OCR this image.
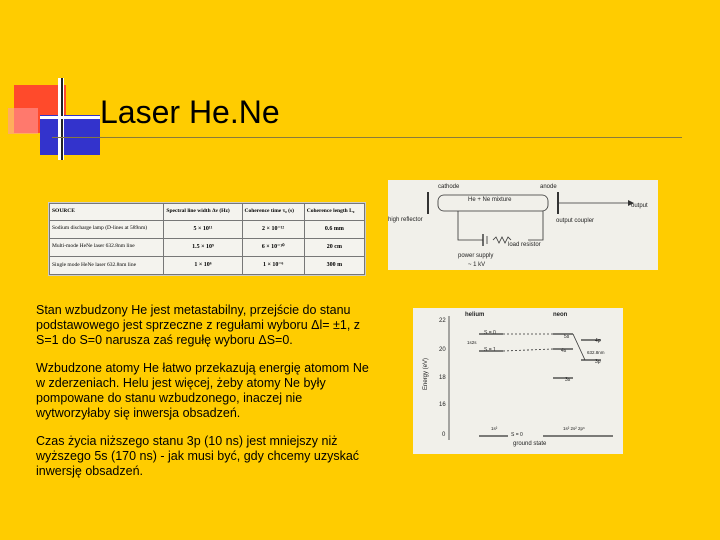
Laser He.Ne
SOURCE	Spectral line width Δν (Hz)	Coherence time τ₀ (s)	Coherence length L₀
Sodium discharge lamp (D-lines at 589nm)	5 × 10¹¹	2 × 10⁻¹²	0.6 mm
Multi-mode HeNe laser 632.8nm line	1.5 × 10⁹	6 × 10⁻¹⁰	20 cm
Single mode HeNe laser 632.8nm line	1 × 10⁶	1 × 10⁻⁶	300 m
cathode	anode
He + Ne mixture
output
high reflector	output coupler
load resistor
power supply
~ 1 kV
helium	neon
Energy (eV)
22
20
18
16
0
S = 0
S = 1
1s2s
1s²
S = 0
5s
4s
4p
3p
3s
632.8nm
1s² 2s² 2p⁶
ground state

Stan wzbudzony He jest metastabilny, przejście do stanu podstawowego jest sprzeczne z regułami wyboru Δl= ±1, z S=1 do S=0 narusza zaś regułę wyboru ΔS=0.

Wzbudzone atomy He łatwo przekazują energię atomom Ne w zderzeniach. Helu jest więcej, żeby atomy Ne były pompowane do stanu wzbudzonego, inaczej nie wytworzyłaby się inwersja obsadzeń.

Czas życia niższego stanu 3p (10 ns) jest mniejszy niż wyższego 5s (170 ns) - jak musi być, gdy chcemy uzyskać inwersję obsadzeń.
